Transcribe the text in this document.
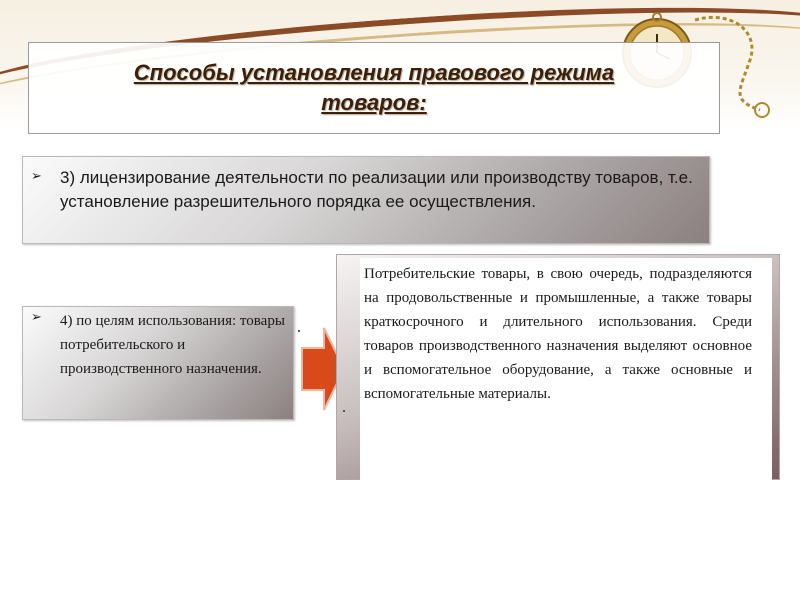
Способы установления правового режима
товаров:
➢ 3) лицензирование деятельности по реализации или производству товаров, т.е. установление разрешительного порядка ее осуществления.
➢ 4) по целям использования: товары потребительского и производственного назначения.
Потребительские товары, в свою очередь, подразделяются на продовольственные и промышленные, а также товары краткосрочного и длительного использования. Среди товаров производственного назначения выделяют основное и вспомогательное оборудование, а также основные и вспомогательные материалы.
